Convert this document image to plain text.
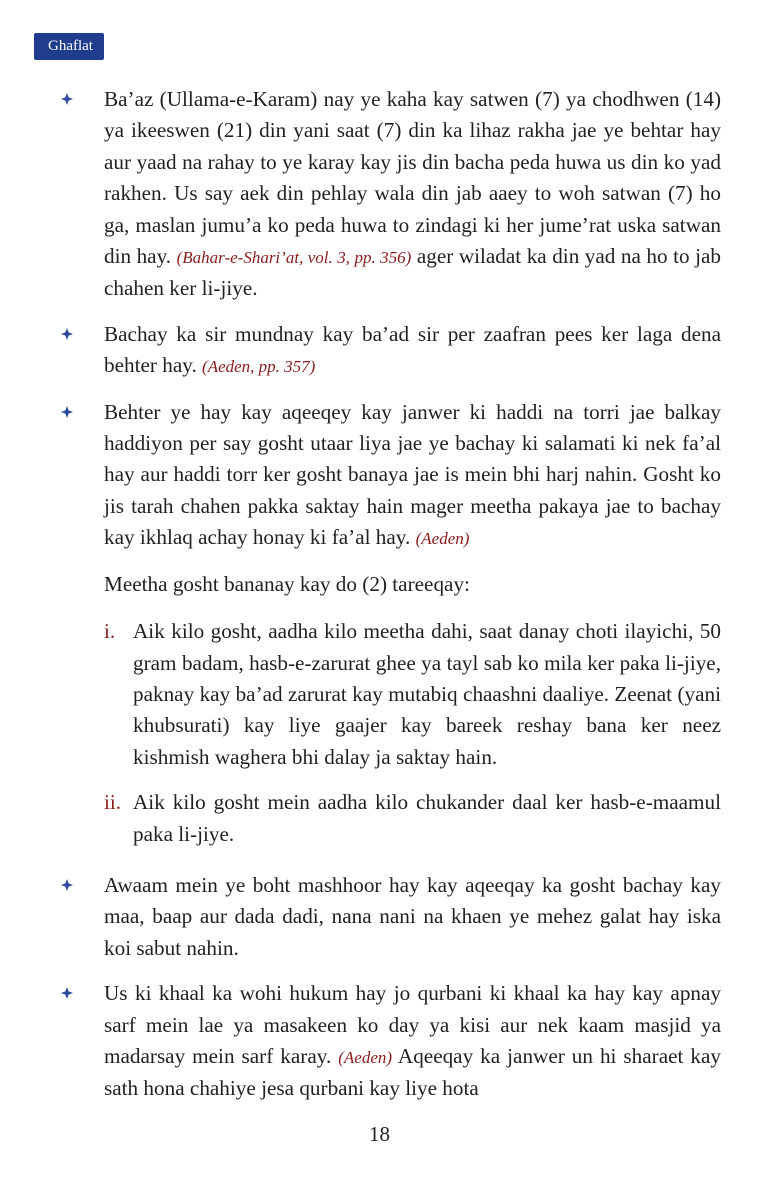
Ghaflat

Ba’az (Ullama-e-Karam) nay ye kaha kay satwen (7) ya chodhwen (14) ya ikeeswen (21) din yani saat (7) din ka lihaz rakha jae ye behtar hay aur yaad na rahay to ye karay kay jis din bacha peda huwa us din ko yad rakhen. Us say aek din pehlay wala din jab aaey to woh satwan (7) ho ga, maslan jumu’a ko peda huwa to zindagi ki her jume’rat uska satwan din hay. (Bahar-e-Shari’at, vol. 3, pp. 356) ager wiladat ka din yad na ho to jab chahen ker li-jiye.

Bachay ka sir mundnay kay ba’ad sir per zaafran pees ker laga dena behter hay. (Aeden, pp. 357)

Behter ye hay kay aqeeqey kay janwer ki haddi na torri jae balkay haddiyon per say gosht utaar liya jae ye bachay ki salamati ki nek fa’al hay aur haddi torr ker gosht banaya jae is mein bhi harj nahin. Gosht ko jis tarah chahen pakka saktay hain mager meetha pakaya jae to bachay kay ikhlaq achay honay ki fa’al hay. (Aeden)

Meetha gosht bananay kay do (2) tareeqay:

i. Aik kilo gosht, aadha kilo meetha dahi, saat danay choti ilayichi, 50 gram badam, hasb-e-zarurat ghee ya tayl sab ko mila ker paka li-jiye, paknay kay ba’ad zarurat kay mutabiq chaashni daaliye. Zeenat (yani khubsurati) kay liye gaajer kay bareek reshay bana ker neez kishmish waghera bhi dalay ja saktay hain.

ii. Aik kilo gosht mein aadha kilo chukander daal ker hasb-e-maamul paka li-jiye.

Awaam mein ye boht mashhoor hay kay aqeeqay ka gosht bachay kay maa, baap aur dada dadi, nana nani na khaen ye mehez galat hay iska koi sabut nahin.

Us ki khaal ka wohi hukum hay jo qurbani ki khaal ka hay kay apnay sarf mein lae ya masakeen ko day ya kisi aur nek kaam masjid ya madarsay mein sarf karay. (Aeden) Aqeeqay ka janwer un hi sharaet kay sath hona chahiye jesa qurbani kay liye hota

18
